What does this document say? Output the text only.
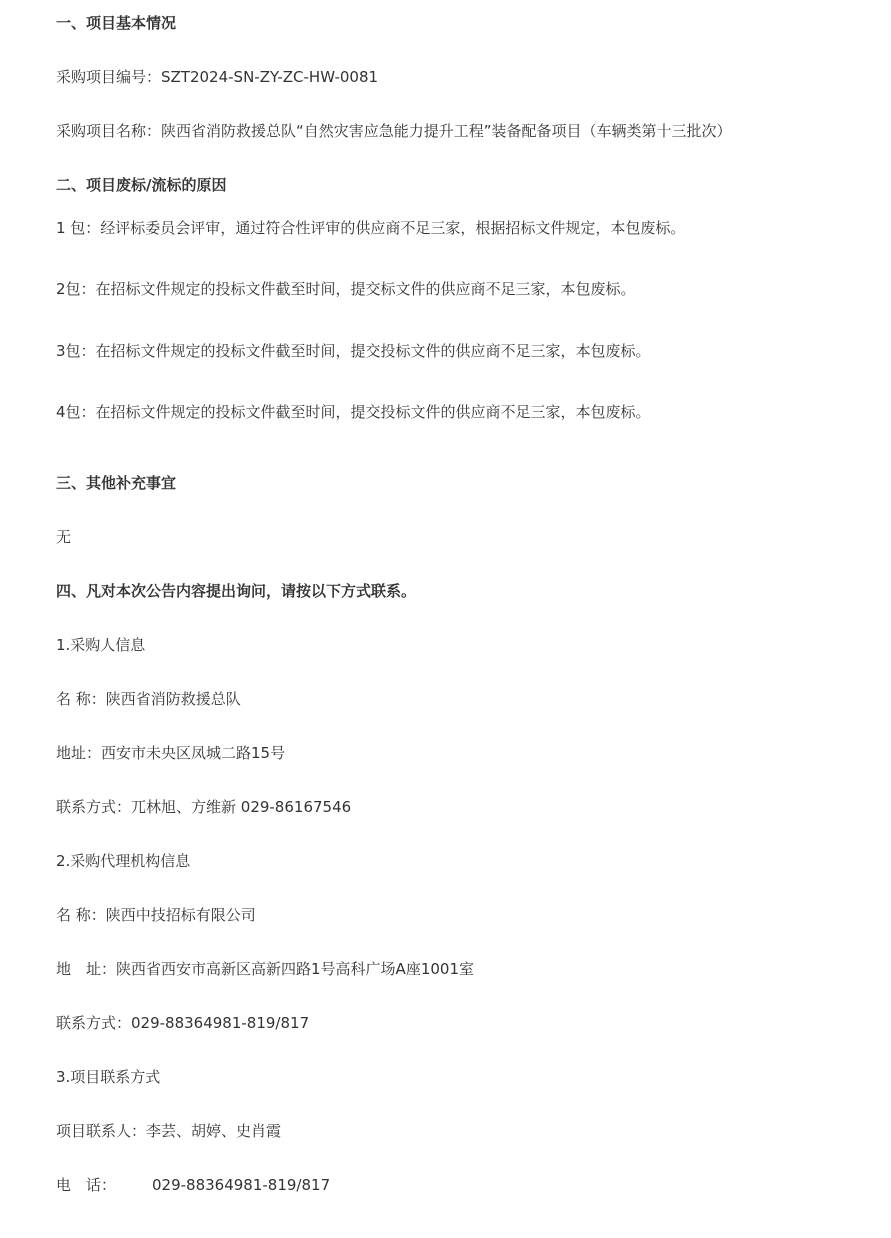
一、项目基本情况
采购项目编号：SZT2024-SN-ZY-ZC-HW-0081
采购项目名称：陕西省消防救援总队“自然灾害应急能力提升工程”装备配备项目（车辆类第十三批次）
二、项目废标/流标的原因
1 包：经评标委员会评审，通过符合性评审的供应商不足三家，根据招标文件规定，本包废标。
2包：在招标文件规定的投标文件截至时间，提交标文件的供应商不足三家，本包废标。
3包：在招标文件规定的投标文件截至时间，提交投标文件的供应商不足三家，本包废标。
4包：在招标文件规定的投标文件截至时间，提交投标文件的供应商不足三家，本包废标。
三、其他补充事宜
无
四、凡对本次公告内容提出询问，请按以下方式联系。
1.采购人信息
名 称：陕西省消防救援总队
地址：西安市未央区凤城二路15号
联系方式：兀林旭、方维新 029-86167546
2.采购代理机构信息
名 称：陕西中技招标有限公司
地　址：陕西省西安市高新区高新四路1号高科广场A座1001室
联系方式：029-88364981-819/817
3.项目联系方式
项目联系人：李芸、胡婷、史肖霞
电　话： 029-88364981-819/817
